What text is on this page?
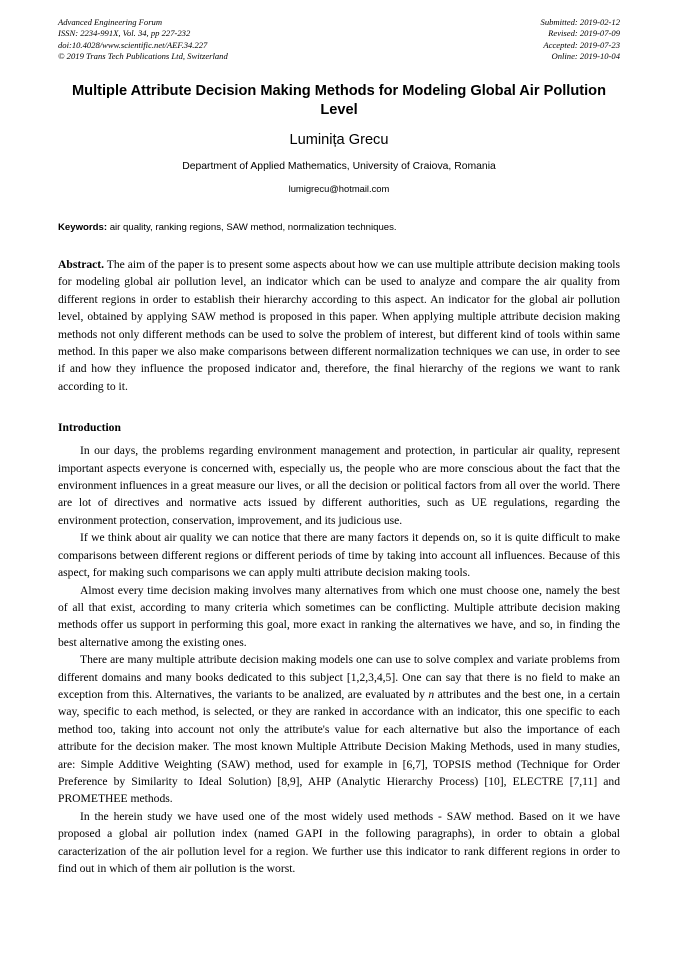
Advanced Engineering Forum
ISSN: 2234-991X, Vol. 34, pp 227-232
doi:10.4028/www.scientific.net/AEF.34.227
© 2019 Trans Tech Publications Ltd, Switzerland
Submitted: 2019-02-12
Revised: 2019-07-09
Accepted: 2019-07-23
Online: 2019-10-04
Multiple Attribute Decision Making Methods for Modeling Global Air Pollution Level
Luminița Grecu
Department of Applied Mathematics, University of Craiova, Romania
lumigrecu@hotmail.com
Keywords: air quality, ranking regions, SAW method, normalization techniques.
Abstract. The aim of the paper is to present some aspects about how we can use multiple attribute decision making tools for modeling global air pollution level, an indicator which can be used to analyze and compare the air quality from different regions in order to establish their hierarchy according to this aspect. An indicator for the global air pollution level, obtained by applying SAW method is proposed in this paper. When applying multiple attribute decision making methods not only different methods can be used to solve the problem of interest, but different kind of tools within same method. In this paper we also make comparisons between different normalization techniques we can use, in order to see if and how they influence the proposed indicator and, therefore, the final hierarchy of the regions we want to rank according to it.
Introduction
In our days, the problems regarding environment management and protection, in particular air quality, represent important aspects everyone is concerned with, especially us, the people who are more conscious about the fact that the environment influences in a great measure our lives, or all the decision or political factors from all over the world. There are lot of directives and normative acts issued by different authorities, such as UE regulations, regarding the environment protection, conservation, improvement, and its judicious use.
If we think about air quality we can notice that there are many factors it depends on, so it is quite difficult to make comparisons between different regions or different periods of time by taking into account all influences. Because of this aspect, for making such comparisons we can apply multi attribute decision making tools.
Almost every time decision making involves many alternatives from which one must choose one, namely the best of all that exist, according to many criteria which sometimes can be conflicting. Multiple attribute decision making methods offer us support in performing this goal, more exact in ranking the alternatives we have, and so, in finding the best alternative among the existing ones.
There are many multiple attribute decision making models one can use to solve complex and variate problems from different domains and many books dedicated to this subject [1,2,3,4,5]. One can say that there is no field to make an exception from this. Alternatives, the variants to be analized, are evaluated by n attributes and the best one, in a certain way, specific to each method, is selected, or they are ranked in accordance with an indicator, this one specific to each method too, taking into account not only the attribute's value for each alternative but also the importance of each attribute for the decision maker. The most known Multiple Attribute Decision Making Methods, used in many studies, are: Simple Additive Weighting (SAW) method, used for example in [6,7], TOPSIS method (Technique for Order Preference by Similarity to Ideal Solution) [8,9], AHP (Analytic Hierarchy Process) [10], ELECTRE [7,11] and PROMETHEE methods.
In the herein study we have used one of the most widely used methods - SAW method. Based on it we have proposed a global air pollution index (named GAPI in the following paragraphs), in order to obtain a global caracterization of the air pollution level for a region. We further use this indicator to rank different regions in order to find out in which of them air pollution is the worst.
